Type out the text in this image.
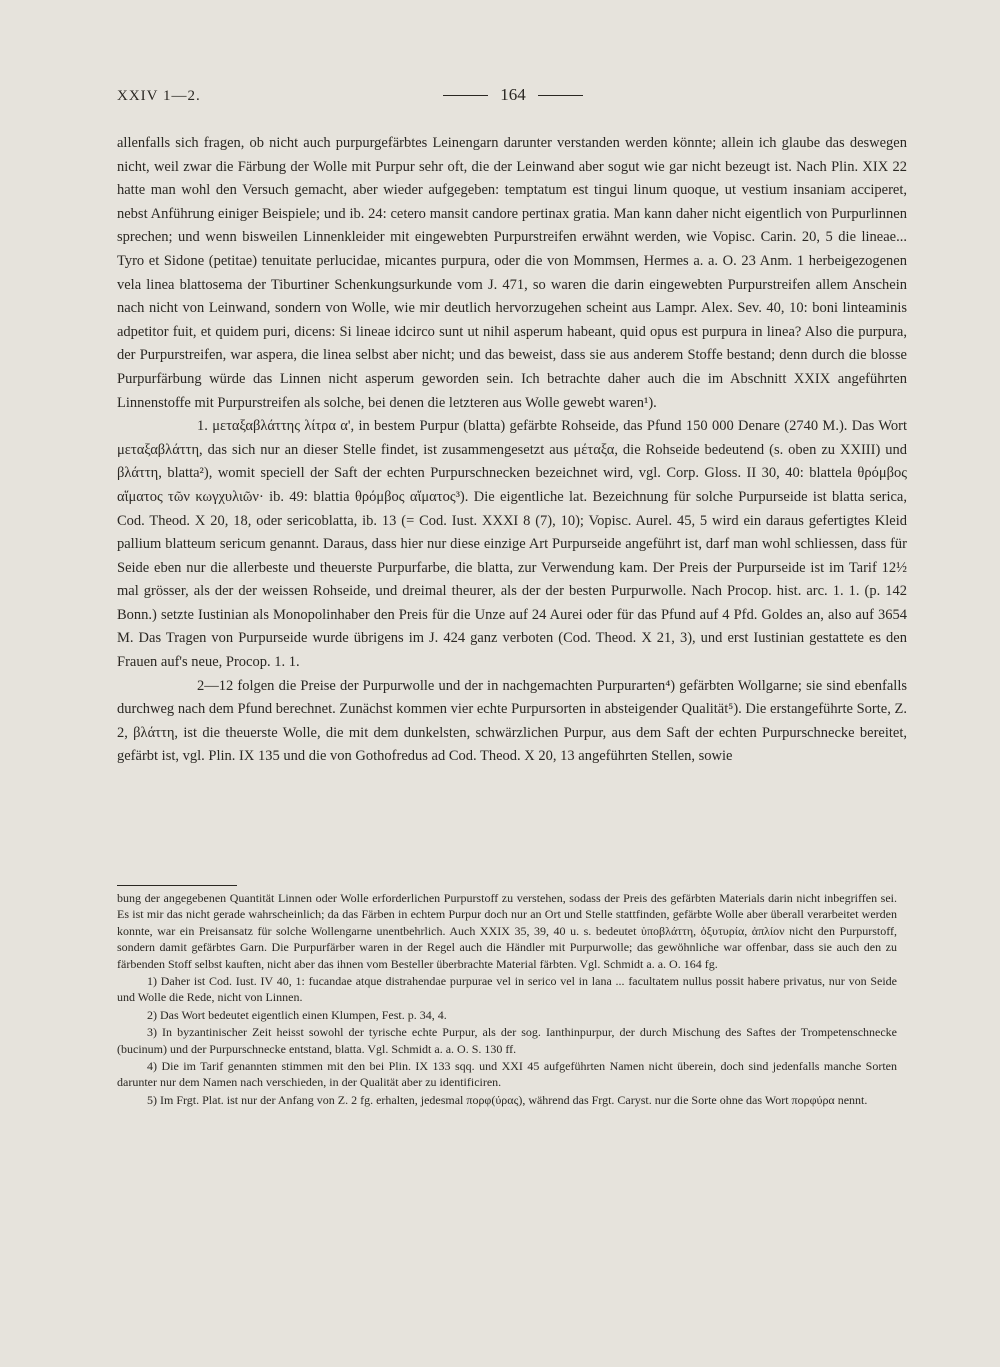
XXIV 1—2.	164

allenfalls sich fragen, ob nicht auch purpurgefärbtes Leinengarn darunter verstanden werden könnte; allein ich glaube das deswegen nicht, weil zwar die Färbung der Wolle mit Purpur sehr oft, die der Leinwand aber sogut wie gar nicht bezeugt ist. Nach Plin. XIX 22 hatte man wohl den Versuch gemacht, aber wieder aufgegeben: temptatum est tingui linum quoque, ut vestium insaniam acciperet, nebst Anführung einiger Beispiele; und ib. 24: cetero mansit candore pertinax gratia. Man kann daher nicht eigentlich von Purpurlinnen sprechen; und wenn bisweilen Linnenkleider mit eingewebten Purpurstreifen erwähnt werden, wie Vopisc. Carin. 20, 5 die lineae... Tyro et Sidone (petitae) tenuitate perlucidae, micantes purpura, oder die von Mommsen, Hermes a. a. O. 23 Anm. 1 herbeigezogenen vela linea blattosema der Tiburtiner Schenkungsurkunde vom J. 471, so waren die darin eingewebten Purpurstreifen allem Anschein nach nicht von Leinwand, sondern von Wolle, wie mir deutlich hervorzugehen scheint aus Lampr. Alex. Sev. 40, 10: boni linteaminis adpetitor fuit, et quidem puri, dicens: Si lineae idcirco sunt ut nihil asperum habeant, quid opus est purpura in linea? Also die purpura, der Purpurstreifen, war aspera, die linea selbst aber nicht; und das beweist, dass sie aus anderem Stoffe bestand; denn durch die blosse Purpurfärbung würde das Linnen nicht asperum geworden sein. Ich betrachte daher auch die im Abschnitt XXIX angeführten Linnenstoffe mit Purpurstreifen als solche, bei denen die letzteren aus Wolle gewebt waren¹).

1. μεταξαβλάττης λίτρα α', in bestem Purpur (blatta) gefärbte Rohseide, das Pfund 150 000 Denare (2740 M.). Das Wort μεταξαβλάττη, das sich nur an dieser Stelle findet, ist zusammengesetzt aus μέταξα, die Rohseide bedeutend (s. oben zu XXIII) und βλάττη, blatta²), womit speciell der Saft der echten Purpurschnecken bezeichnet wird, vgl. Corp. Gloss. II 30, 40: blattela θρόμβος αἵματος τῶν κωγχυλιῶν· ib. 49: blattia θρόμβος αἵματος³). Die eigentliche lat. Bezeichnung für solche Purpurseide ist blatta serica, Cod. Theod. X 20, 18, oder sericoblatta, ib. 13 (= Cod. Iust. XXXI 8 (7), 10); Vopisc. Aurel. 45, 5 wird ein daraus gefertigtes Kleid pallium blatteum sericum genannt. Daraus, dass hier nur diese einzige Art Purpurseide angeführt ist, darf man wohl schliessen, dass für Seide eben nur die allerbeste und theuerste Purpurfarbe, die blatta, zur Verwendung kam. Der Preis der Purpurseide ist im Tarif 12½ mal grösser, als der der weissen Rohseide, und dreimal theurer, als der der besten Purpurwolle. Nach Procop. hist. arc. 1. 1. (p. 142 Bonn.) setzte Iustinian als Monopolinhaber den Preis für die Unze auf 24 Aurei oder für das Pfund auf 4 Pfd. Goldes an, also auf 3654 M. Das Tragen von Purpurseide wurde übrigens im J. 424 ganz verboten (Cod. Theod. X 21, 3), und erst Iustinian gestattete es den Frauen auf's neue, Procop. 1. 1.

2—12 folgen die Preise der Purpurwolle und der in nachgemachten Purpurarten⁴) gefärbten Wollgarne; sie sind ebenfalls durchweg nach dem Pfund berechnet. Zunächst kommen vier echte Purpursorten in absteigender Qualität⁵). Die erstangeführte Sorte, Z. 2, βλάττη, ist die theuerste Wolle, die mit dem dunkelsten, schwärzlichen Purpur, aus dem Saft der echten Purpurschnecke bereitet, gefärbt ist, vgl. Plin. IX 135 und die von Gothofredus ad Cod. Theod. X 20, 13 angeführten Stellen, sowie

bung der angegebenen Quantität Linnen oder Wolle erforderlichen Purpurstoff zu verstehen, sodass der Preis des gefärbten Materials darin nicht inbegriffen sei. Es ist mir das nicht gerade wahrscheinlich; da das Färben in echtem Purpur doch nur an Ort und Stelle stattfinden, gefärbte Wolle aber überall verarbeitet werden konnte, war ein Preisansatz für solche Wollengarne unentbehrlich. Auch XXIX 35, 39, 40 u. s. bedeutet ὑποβλάττη, ὀξυτυρία, ἁπλίον nicht den Purpurstoff, sondern damit gefärbtes Garn. Die Purpurfärber waren in der Regel auch die Händler mit Purpurwolle; das gewöhnliche war offenbar, dass sie auch den zu färbenden Stoff selbst kauften, nicht aber das ihnen vom Besteller überbrachte Material färbten. Vgl. Schmidt a. a. O. 164 fg.

1) Daher ist Cod. Iust. IV 40, 1: fucandae atque distrahendae purpurae vel in serico vel in lana ... facultatem nullus possit habere privatus, nur von Seide und Wolle die Rede, nicht von Linnen.

2) Das Wort bedeutet eigentlich einen Klumpen, Fest. p. 34, 4.

3) In byzantinischer Zeit heisst sowohl der tyrische echte Purpur, als der sog. Ianthinpurpur, der durch Mischung des Saftes der Trompetenschnecke (bucinum) und der Purpurschnecke entstand, blatta. Vgl. Schmidt a. a. O. S. 130 ff.

4) Die im Tarif genannten stimmen mit den bei Plin. IX 133 sqq. und XXI 45 aufgeführten Namen nicht überein, doch sind jedenfalls manche Sorten darunter nur dem Namen nach verschieden, in der Qualität aber zu identificiren.

5) Im Frgt. Plat. ist nur der Anfang von Z. 2 fg. erhalten, jedesmal πορφ(ύρας), während das Frgt. Caryst. nur die Sorte ohne das Wort πορφύρα nennt.
